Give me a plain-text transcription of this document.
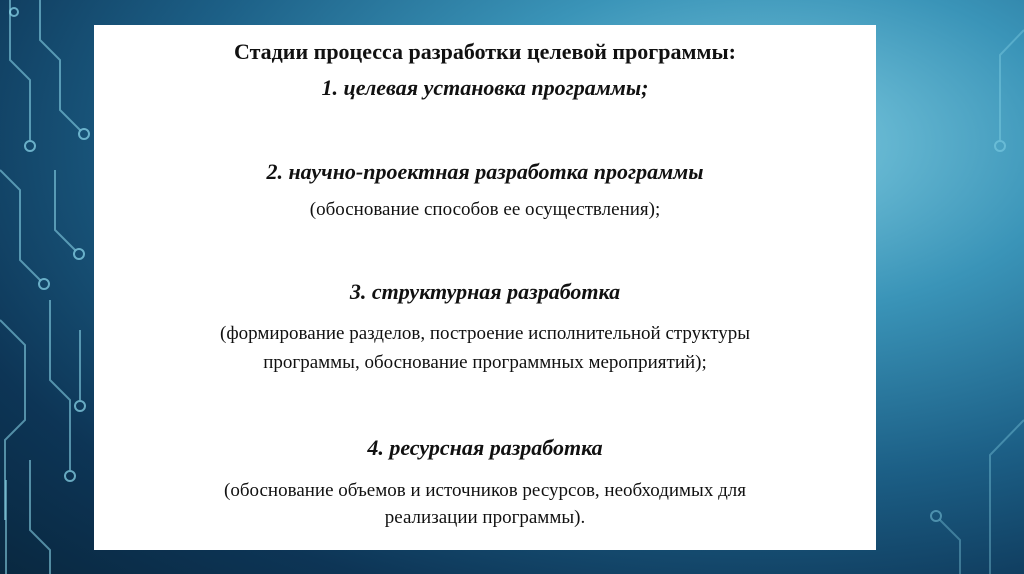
Стадии процесса разработки целевой программы:
1. целевая установка программы;
2. научно-проектная разработка программы
(обоснование способов ее осуществления);
3. структурная разработка
(формирование разделов, построение исполнительной структуры
программы, обоснование программных мероприятий);
4. ресурсная разработка
(обоснование объемов и источников ресурсов, необходимых для
реализации программы).
